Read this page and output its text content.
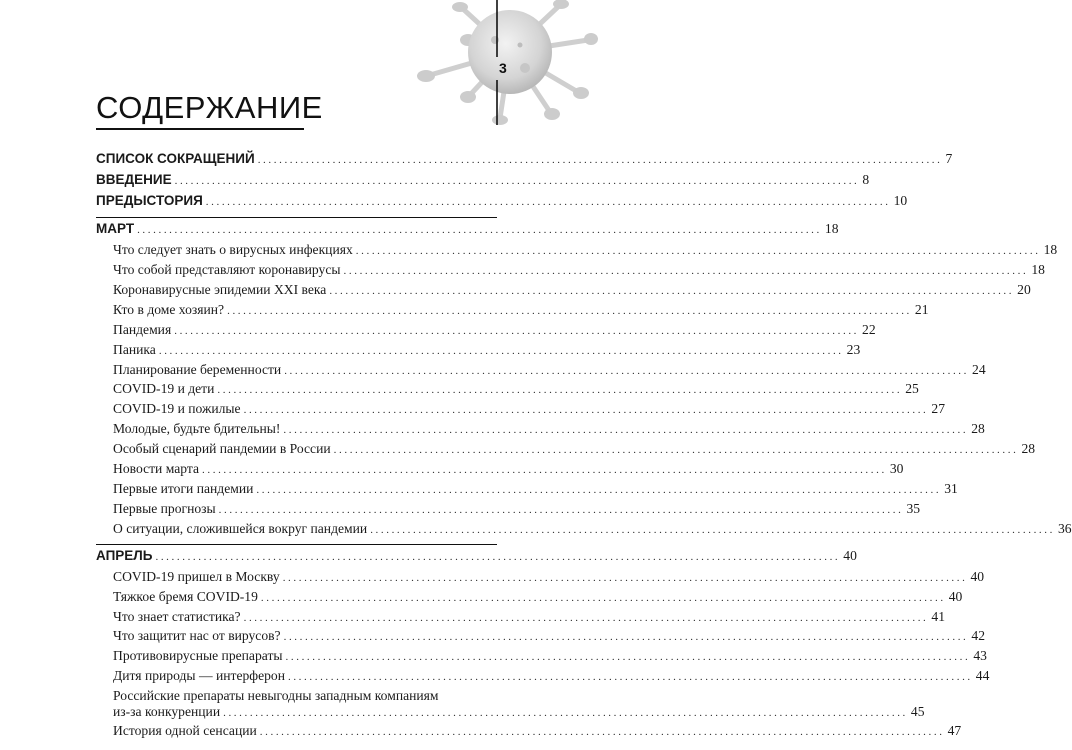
3
СОДЕРЖАНИЕ
СПИСОК СОКРАЩЕНИЙ ................................................................................................................................ 7
ВВЕДЕНИЕ ................................................................................................................................ 8
ПРЕДЫСТОРИЯ ................................................................................................................................ 10
МАРТ ................................................................................................................................ 18
Что следует знать о вирусных инфекциях ................................................................................................................................ 18
Что собой представляют коронавирусы ................................................................................................................................ 18
Коронавирусные эпидемии XXI века ................................................................................................................................ 20
Кто в доме хозяин? ................................................................................................................................ 21
Пандемия ................................................................................................................................ 22
Паника ................................................................................................................................ 23
Планирование беременности ................................................................................................................................ 24
COVID-19 и дети ................................................................................................................................ 25
COVID-19 и пожилые ................................................................................................................................ 27
Молодые, будьте бдительны! ................................................................................................................................ 28
Особый сценарий пандемии в России ................................................................................................................................ 28
Новости марта ................................................................................................................................ 30
Первые итоги пандемии ................................................................................................................................ 31
Первые прогнозы ................................................................................................................................ 35
О ситуации, сложившейся вокруг пандемии ................................................................................................................................ 36
АПРЕЛЬ ................................................................................................................................ 40
COVID-19 пришел в Москву ................................................................................................................................ 40
Тяжкое бремя COVID-19 ................................................................................................................................ 40
Что знает статистика? ................................................................................................................................ 41
Что защитит нас от вирусов? ................................................................................................................................ 42
Противовирусные препараты ................................................................................................................................ 43
Дитя природы — интерферон ................................................................................................................................ 44
Российские препараты невыгодны западным компаниям
из-за конкуренции ................................................................................................................................ 45
История одной сенсации ................................................................................................................................ 47
